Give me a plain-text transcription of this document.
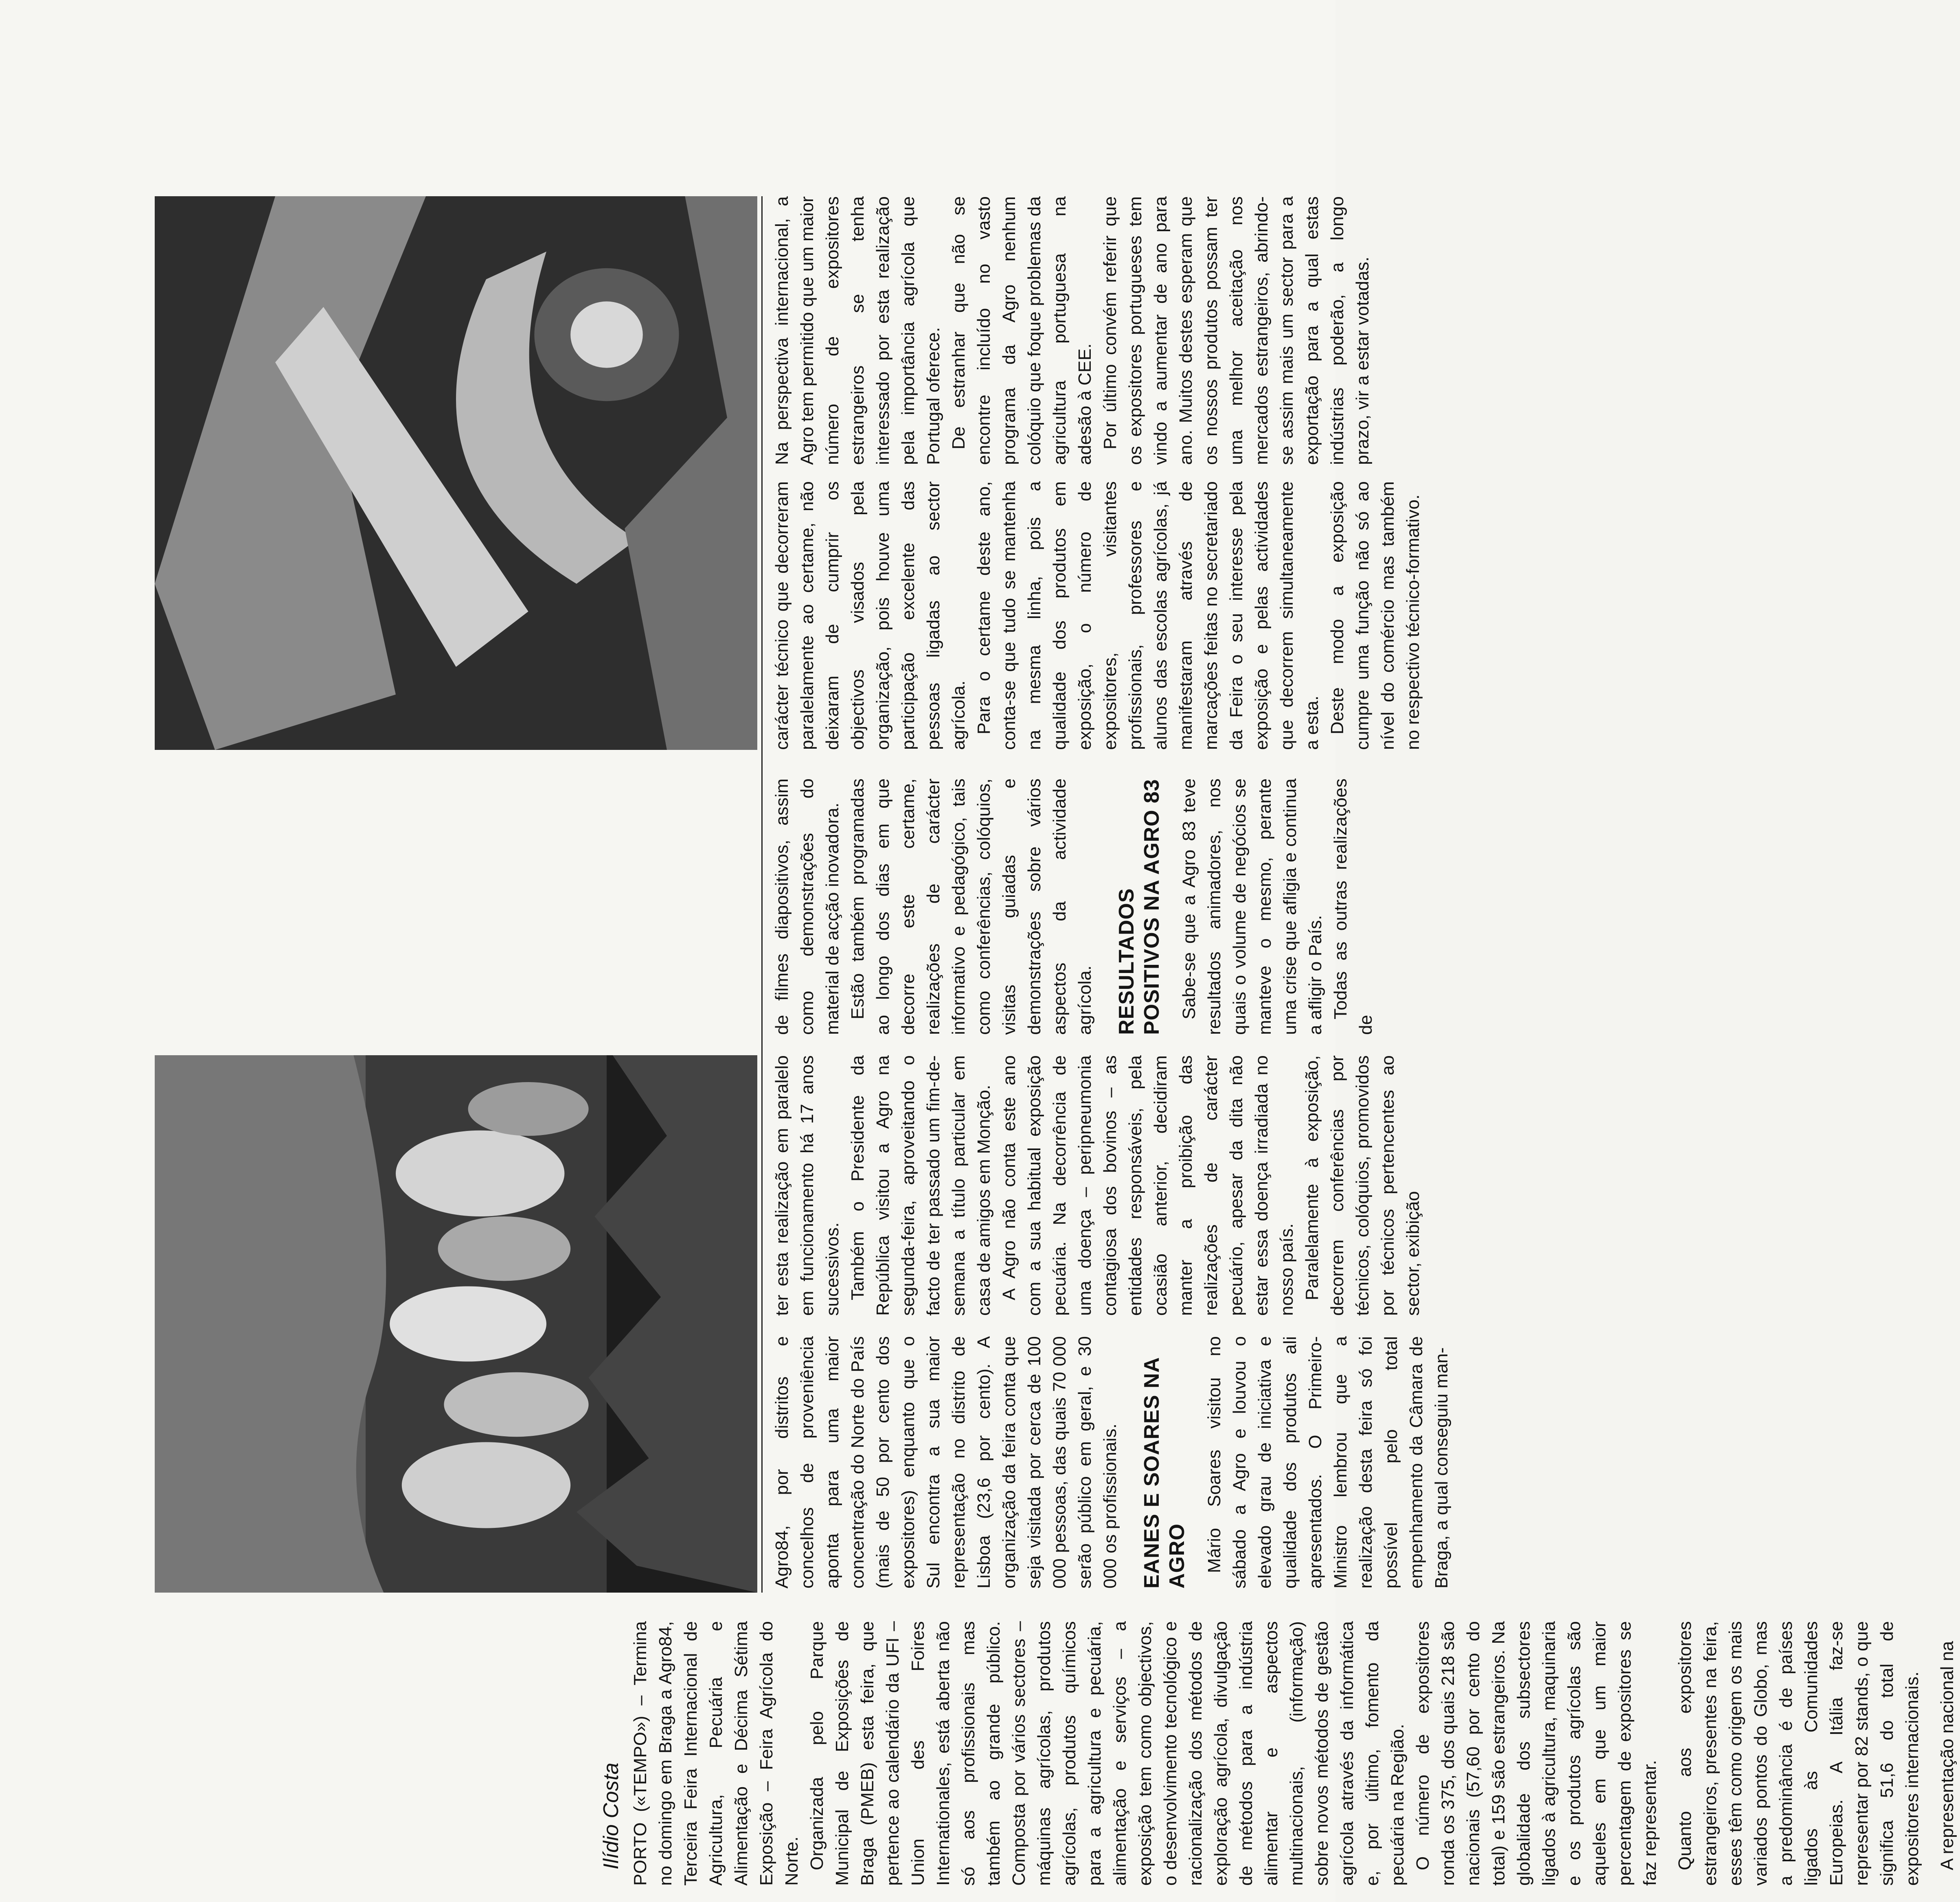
Ilídio Costa PORTO («TEMPO») – Termina no domingo em Braga a Agro84, Terceira Feira Internacional de Agricultura, Pecuária e Alimentação e Décima Sétima Exposição – Feira Agrícola do Norte. Organizada pelo Parque Municipal de Exposições de Braga (PMEB) esta feira, que pertence ao calendário da UFI – Union des Foires Internationales, está aberta não só aos profissionais mas também ao grande público. Composta por vários sectores – máquinas agrícolas, produtos agrícolas, produtos químicos para a agricultura e pecuária, alimentação e serviços – a exposição tem como objectivos, o desenvolvimento tecnológico e racionalização dos métodos de exploração agrícola, divulgação de métodos para a indústria alimentar e aspectos multinacionais, (informação) sobre novos métodos de gestão agrícola através da informática e, por último, fomento da pecuária na Região. O número de expositores ronda os 375, dos quais 218 são nacionais (57,60 por cento do total) e 159 são estrangeiros. Na globalidade dos subsectores ligados à agricultura, maquinaria e os produtos agrícolas são aqueles em que um maior percentagem de expositores se faz representar. Quanto aos expositores estrangeiros, presentes na feira, esses têm como origem os mais variados pontos do Globo, mas a predominância é de países ligados às Comunidades Europeias. A Itália faz-se representar por 82 stands, o que significa 51,6 do total de expositores internacionais. A representação nacional na

Agro84, por distritos e concelhos de proveniência aponta para uma maior concentração do Norte do País (mais de 50 por cento dos expositores) enquanto que o Sul encontra a sua maior representação no distrito de Lisboa (23,6 por cento). A organização da feira conta que seja visitada por cerca de 100 000 pessoas, das quais 70 000 serão público em geral, e 30 000 os profissionais. EANES E SOARES NA AGRO Mário Soares visitou no sábado a Agro e louvou o elevado grau de iniciativa e qualidade dos produtos ali apresentados. O Primeiro-Ministro lembrou que a realização desta feira só foi possível pelo total empenhamento da Câmara de Braga, a qual conseguiu man-

ter esta realização em paralelo em funcionamento há 17 anos sucessivos. Também o Presidente da República visitou a Agro na segunda-feira, aproveitando o facto de ter passado um fim-de-semana a título particular em casa de amigos em Monção. A Agro não conta este ano com a sua habitual exposição pecuária. Na decorrência de uma doença – peripneumonia contagiosa dos bovinos – as entidades responsáveis, pela ocasião anterior, decidiram manter a proibição das realizações de carácter pecuário, apesar da dita não estar essa doença irradiada no nosso país. Paralelamente à exposição, decorrem conferências por técnicos, colóquios, promovidos por técnicos pertencentes ao sector, exibição

de filmes diapositivos, assim como demonstrações do material de acção inovadora. Estão também programadas ao longo dos dias em que decorre este certame, realizações de carácter informativo e pedagógico, tais como conferências, colóquios, visitas guiadas e demonstrações sobre vários aspectos da actividade agrícola. RESULTADOS POSITIVOS NA AGRO 83 Sabe-se que a Agro 83 teve resultados animadores, nos quais o volume de negócios se manteve o mesmo, perante uma crise que afligia e continua a afligir o País. Todas as outras realizações de

carácter técnico que decorreram paralelamente ao certame, não deixaram de cumprir os objectivos visados pela organização, pois houve uma participação excelente das pessoas ligadas ao sector agrícola. Para o certame deste ano, conta-se que tudo se mantenha na mesma linha, pois a qualidade dos produtos em exposição, o número de expositores, visitantes profissionais, professores e alunos das escolas agrícolas, já manifestaram através de marcações feitas no secretariado da Feira o seu interesse pela exposição e pelas actividades que decorrem simultaneamente a esta. Deste modo a exposição cumpre uma função não só ao nível do comércio mas também no respectivo técnico-formativo.

Na perspectiva internacional, a Agro tem permitido que um maior número de expositores estrangeiros se tenha interessado por esta realização pela importância agrícola que Portugal oferece. De estranhar que não se encontre incluído no vasto programa da Agro nenhum colóquio que foque problemas da agricultura portuguesa na adesão à CEE. Por último convém referir que os expositores portugueses tem vindo a aumentar de ano para ano. Muitos destes esperam que os nossos produtos possam ter uma melhor aceitação nos mercados estrangeiros, abrindo-se assim mais um sector para a exportação para a qual estas indústrias poderão, a longo prazo, vir a estar votadas.
